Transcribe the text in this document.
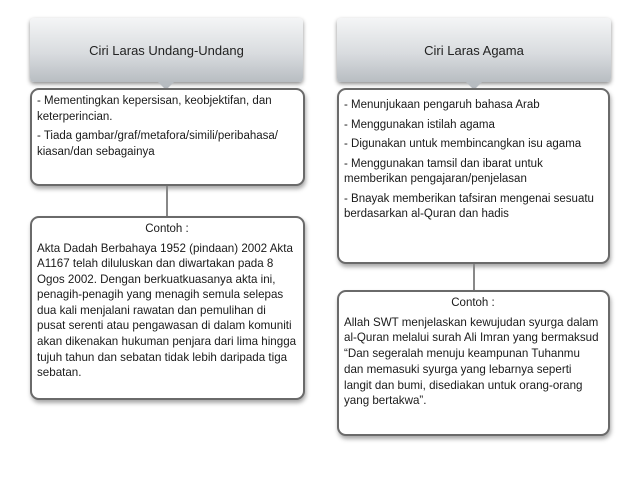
Ciri Laras Undang-Undang

- Mementingkan kepersisan, keobjektifan, dan keterperincian.

- Tiada gambar/graf/metafora/simili/peribahasa/ kiasan/dan sebagainya

Contoh :

Akta Dadah Berbahaya 1952 (pindaan) 2002 Akta A1167 telah diluluskan dan diwartakan pada 8 Ogos 2002. Dengan berkuatkuasanya akta ini, penagih-penagih yang menagih semula selepas dua kali menjalani rawatan dan pemulihan di pusat serenti atau pengawasan di dalam komuniti akan dikenakan hukuman penjara dari lima hingga tujuh tahun dan sebatan tidak lebih daripada tiga sebatan.

Ciri Laras Agama

- Menunjukaan pengaruh bahasa Arab

- Menggunakan istilah agama

- Digunakan untuk membincangkan isu agama

- Menggunakan tamsil dan ibarat untuk memberikan pengajaran/penjelasan

- Bnayak memberikan tafsiran mengenai sesuatu berdasarkan al-Quran dan hadis

Contoh :

Allah SWT menjelaskan kewujudan syurga dalam al-Quran melalui surah Ali Imran yang bermaksud “Dan segeralah menuju keampunan Tuhanmu dan memasuki syurga yang lebarnya seperti langit dan bumi, disediakan untuk orang-orang yang bertakwa”.
